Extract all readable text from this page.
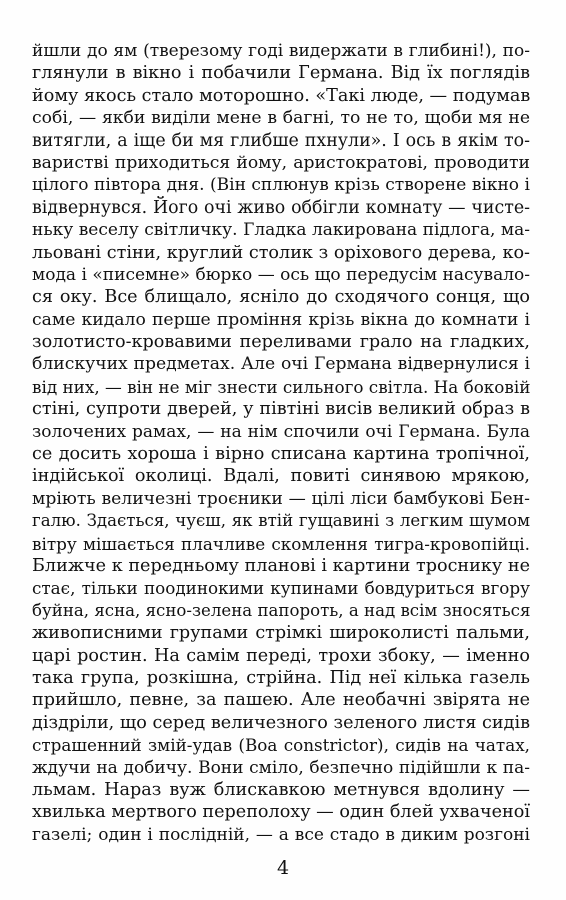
йшли до ям (тверезому годі видержати в глибині!), по-
глянули в вікно і побачили Германа. Від їх поглядів
йому якось стало моторошно. «Такі люде, — подумав
собі, — якби виділи мене в багні, то не то, щоби мя не
витягли, а іще би мя глибше пхнули». І ось в якім то-
варистві приходиться йому, аристократові, проводити
цілого півтора дня. (Він сплюнув крізь створене вікно і
відвернувся. Його очі живо оббігли комнату — чисте-
ньку веселу світличку. Гладка лакирована підлога, ма-
льовані стіни, круглий столик з оріхового дерева, ко-
мода і «писемне» бюрко — ось що передусім насувало-
ся оку. Все блищало, ясніло до сходячого сонця, що
саме кидало перше проміння крізь вікна до комнати і
золотисто-кровавими переливами грало на гладких,
блискучих предметах. Але очі Германа відвернулися і
від них, — він не міг знести сильного світла. На боковій
стіні, супроти дверей, у півтіні висів великий образ в
золочених рамах, — на нім спочили очі Германа. Була
се досить хороша і вірно списана картина тропічної,
індійської околиці. Вдалі, повиті синявою мрякою,
мріють величезні троєники — цілі ліси бамбукові Бен-
галю. Здається, чуєш, як втій гущавині з легким шумом
вітру мішається плачливе скомлення тигра-кровопійці.
Ближче к передньому планові і картини троснику не
стає, тільки поодинокими купинами бовдуриться вгору
буйна, ясна, ясно-зелена папороть, а над всім зносяться
живописними групами стрімкі широколисті пальми,
царі ростин. На самім переді, трохи збоку, — іменно
така група, розкішна, стрійна. Під неї кілька газель
прийшло, певне, за пашею. Але необачні звірята не
діздріли, що серед величезного зеленого листя сидів
страшенний змій-удав (Boa constrictor), сидів на чатах,
ждучи на добичу. Вони сміло, безпечно підійшли к па-
льмам. Нараз вуж блискавкою метнувся вдолину —
хвилька мертвого переполоху — один блей ухваченої
газелі; один і послідній, — а все стадо в диким розгоні
4
